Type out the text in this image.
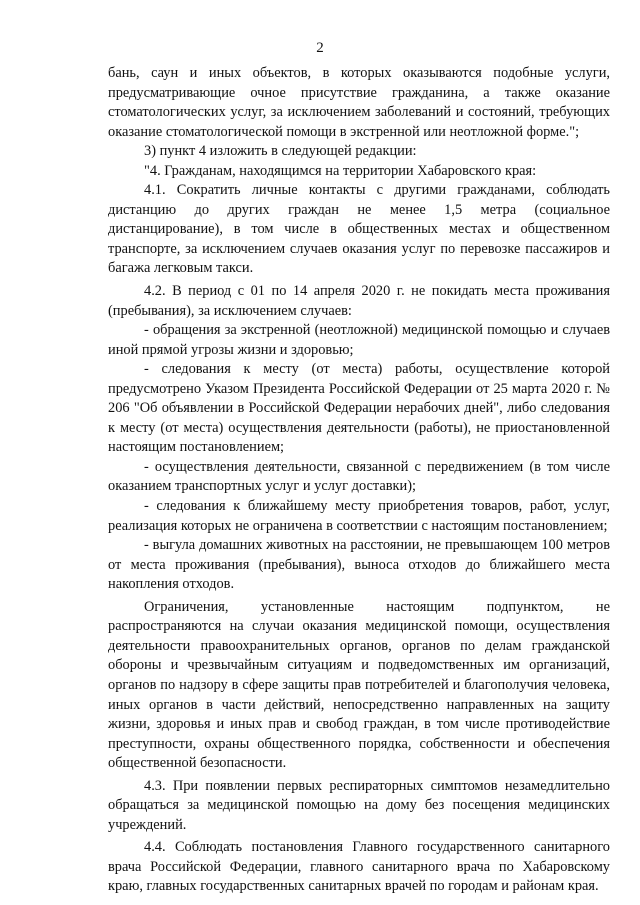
2

бань, саун и иных объектов, в которых оказываются подобные услуги, предусматривающие очное присутствие гражданина, а также оказание стоматологических услуг, за исключением заболеваний и состояний, требующих оказание стоматологической помощи в экстренной или неотложной форме.";

3) пункт 4 изложить в следующей редакции:

"4. Гражданам, находящимся на территории Хабаровского края:

4.1. Сократить личные контакты с другими гражданами, соблюдать дистанцию до других граждан не менее 1,5 метра (социальное дистанцирование), в том числе в общественных местах и общественном транспорте, за исключением случаев оказания услуг по перевозке пассажиров и багажа легковым такси.

4.2. В период с 01 по 14 апреля 2020 г. не покидать места проживания (пребывания), за исключением случаев:

- обращения за экстренной (неотложной) медицинской помощью и случаев иной прямой угрозы жизни и здоровью;

- следования к месту (от места) работы, осуществление которой предусмотрено Указом Президента Российской Федерации от 25 марта 2020 г. № 206 "Об объявлении в Российской Федерации нерабочих дней", либо следования к месту (от места) осуществления деятельности (работы), не приостановленной настоящим постановлением;

- осуществления деятельности, связанной с передвижением (в том числе оказанием транспортных услуг и услуг доставки);

- следования к ближайшему месту приобретения товаров, работ, услуг, реализация которых не ограничена в соответствии с настоящим постановлением;

- выгула домашних животных на расстоянии, не превышающем 100 метров от места проживания (пребывания), выноса отходов до ближайшего места накопления отходов.

Ограничения, установленные настоящим подпунктом, не распространяются на случаи оказания медицинской помощи, осуществления деятельности правоохранительных органов, органов по делам гражданской обороны и чрезвычайным ситуациям и подведомственных им организаций, органов по надзору в сфере защиты прав потребителей и благополучия человека, иных органов в части действий, непосредственно направленных на защиту жизни, здоровья и иных прав и свобод граждан, в том числе противодействие преступности, охраны общественного порядка, собственности и обеспечения общественной безопасности.

4.3. При появлении первых респираторных симптомов незамедлительно обращаться за медицинской помощью на дому без посещения медицинских учреждений.

4.4. Соблюдать постановления Главного государственного санитарного врача Российской Федерации, главного санитарного врача по Хабаровскому краю, главных государственных санитарных врачей по городам и районам края.
